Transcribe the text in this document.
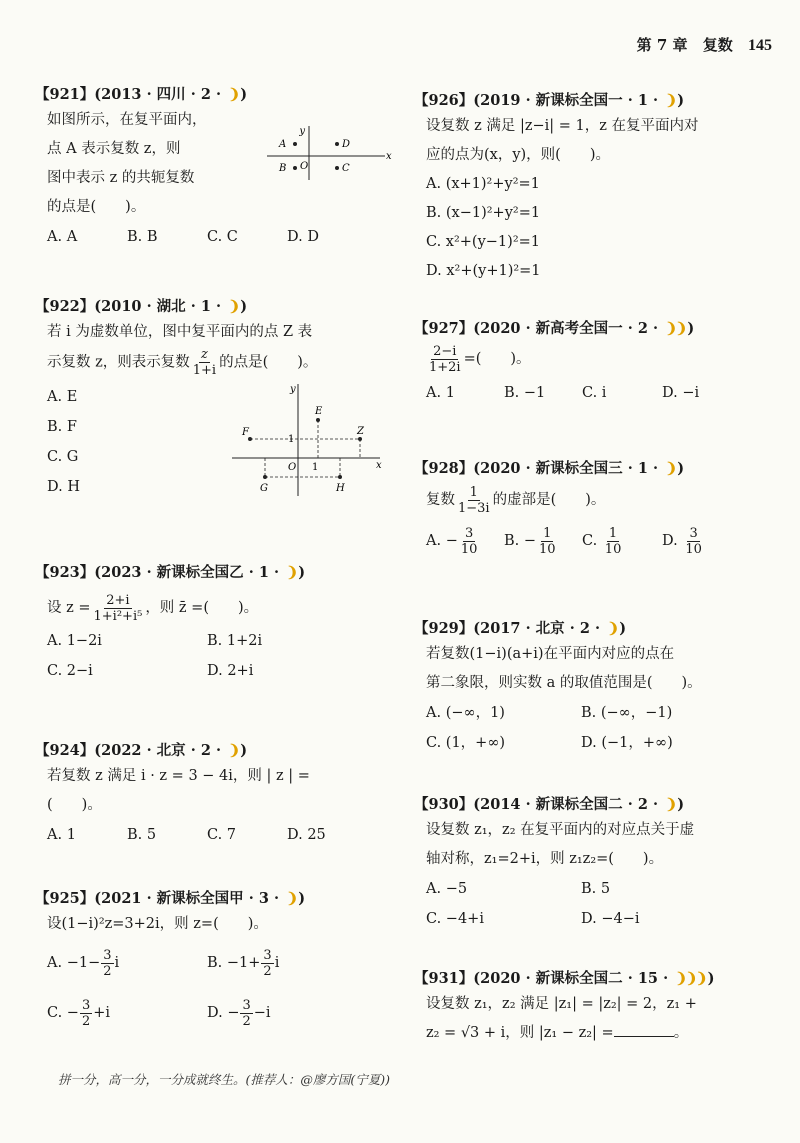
第 7 章 复数 145
【921】(2013 · 四川 · 2 · ❩ )
如图所示，在复平面内，
点 A 表示复数 z，则
图中表示 z 的共轭复数
的点是(　　)。
y
x
O
A
B
D
C
A. A	B. B	C. C	D. D
【922】(2010 · 湖北 · 1 · ❩ )
若 i 为虚数单位，图中复平面内的点 Z 表
示复数 z，则表示复数 $\frac{z}{1+i}$ 的点是(　　)。
A. E
B. F
C. G
D. H
y
x
O 1
1
E
F	Z
G	H
【923】(2023 · 新课标全国乙 · 1 · ❩ )
设 $z = \frac{2+i}{\text{1+i²+i⁵}}$ ，则 z̄ =(　　)。
A. 1−2i	B. 1+2i
C. 2−i	D. 2+i
【924】(2022 · 北京 · 2 · ❩ )
若复数 z 满足 i · z = 3 − 4i，则 | z | =
(　　)。
A. 1	B. 5	C. 7	D. 25
【925】(2021 · 新课标全国甲 · 3 · ❩ )
设(1−i)²z=3+2i，则 z=(　　)。
A. $-1- \frac{3}{2}$ i	B. $-1+ \frac{3}{2}$ i
C. − $\frac{3}{2} +i$	D. − $\frac{3}{2} -i$
【926】(2019 · 新课标全国一 · 1 · ❩ )
设复数 z 满足 |z−i| = 1，z 在复平面内对
应的点为(x，y)，则(　　)。
A. (x+1)²+y²=1
B. (x−1)²+y²=1
C. x²+(y−1)²=1
D. x²+(y+1)²=1
【927】(2020 · 新高考全国一 · 2 · ❩❩ )
$\frac{2-i}{1+2i}$ =(　　)。
A. 1	B. −1	C. i	D. −i
【928】(2020 · 新课标全国三 · 1 · ❩ )
复数 $\frac{1}{1-3i}$ 的虚部是(　　)。
A. − $\frac{3}{10} B$. − $\frac{1}{10} C$. $\frac{1}{10}$	D. $\frac{3}{10}$
【929】(2017 · 北京 · 2 · ❩ )
若复数(1−i)(a+i)在平面内对应的点在
第二象限，则实数 a 的取值范围是(　　)。
A. (−∞，1)	B. (−∞，−1)
C. (1，+∞)	D. (−1，+∞)
【930】(2014 · 新课标全国二 · 2 · ❩ )
设复数 z₁，z₂ 在复平面内的对应点关于虚
轴对称，z₁=2+i，则 z₁z₂=(　　)。
A. −5	B. 5
C. −4+i	D. −4−i
【931】(2020 · 新课标全国二 · 15 · ❩❩❩ )
设复数 z₁，z₂ 满足 |z₁| = |z₂| = 2，z₁ +
z₂ = √3 + i，则 |z₁ − z₂| =	。
拼一分，高一分，一分成就终生。(推荐人：@廖方国(宁夏))
